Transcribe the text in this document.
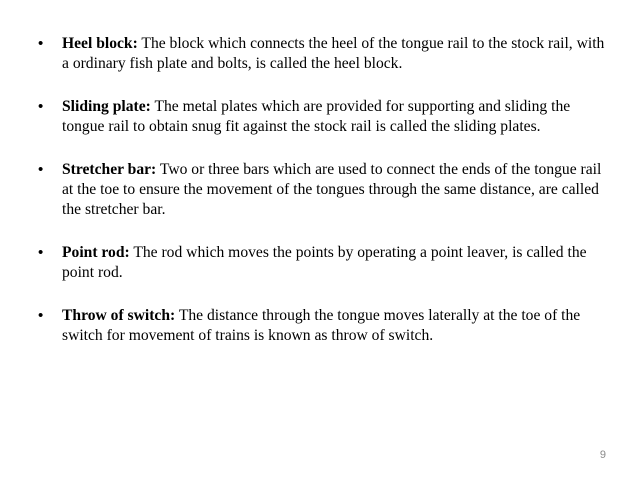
• Heel block: The block which connects the heel of the tongue rail to the stock rail, with a ordinary fish plate and bolts, is called the heel block.
• Sliding plate: The metal plates which are provided for supporting and sliding the tongue rail to obtain snug fit against the stock rail is called the sliding plates.
• Stretcher bar: Two or three bars which are used to connect the ends of the tongue rail at the toe to ensure the movement of the tongues through the same distance, are called the stretcher bar.
• Point rod: The rod which moves the points by operating a point leaver, is called the point rod.
• Throw of switch: The distance through the tongue moves laterally at the toe of the switch for movement of trains is known as throw of switch.
9
